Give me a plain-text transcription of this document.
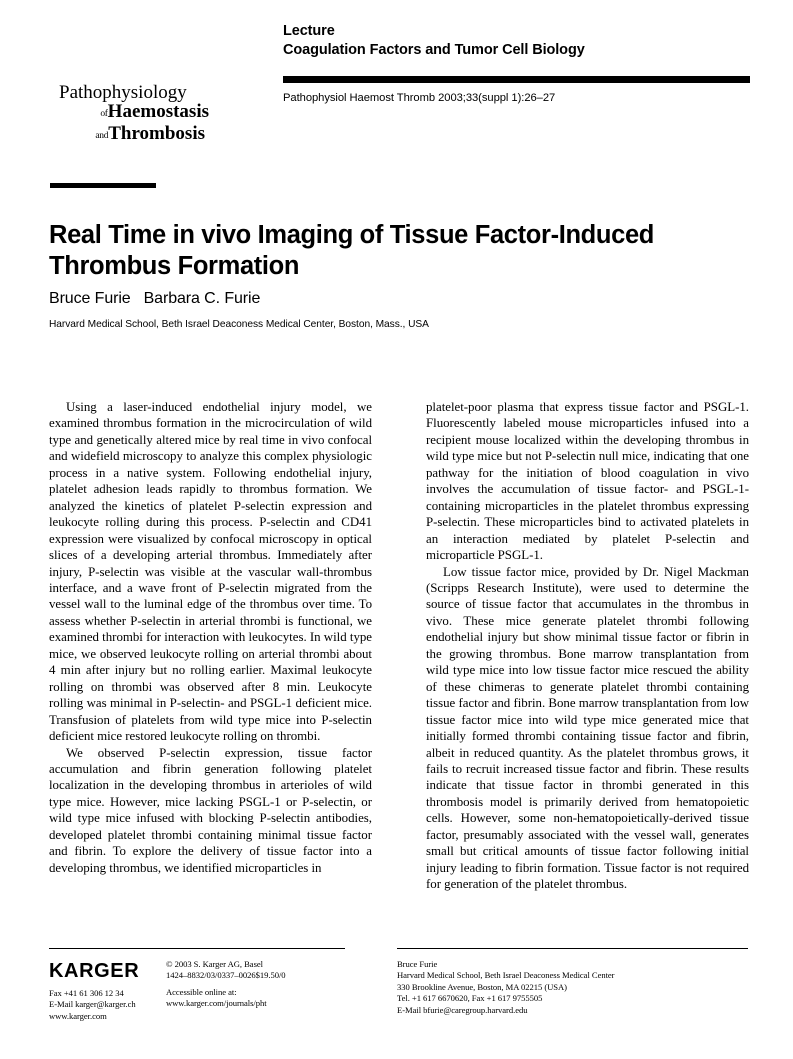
Lecture
Coagulation Factors and Tumor Cell Biology
Pathophysiol Haemost Thromb 2003;33(suppl 1):26–27
Pathophysiology
ofHaemostasis
andThrombosis
Real Time in vivo Imaging of Tissue Factor-Induced Thrombus Formation
Bruce Furie Barbara C. Furie
Harvard Medical School, Beth Israel Deaconess Medical Center, Boston, Mass., USA

Using a laser-induced endothelial injury model, we examined thrombus formation in the microcirculation of wild type and genetically altered mice by real time in vivo confocal and widefield microscopy to analyze this complex physiologic process in a native system. Following endothelial injury, platelet adhesion leads rapidly to thrombus formation. We analyzed the kinetics of platelet P-selectin expression and leukocyte rolling during this process. P-selectin and CD41 expression were visualized by confocal microscopy in optical slices of a developing arterial thrombus. Immediately after injury, P-selectin was visible at the vascular wall-thrombus interface, and a wave front of P-selectin migrated from the vessel wall to the luminal edge of the thrombus over time. To assess whether P-selectin in arterial thrombi is functional, we examined thrombi for interaction with leukocytes. In wild type mice, we observed leukocyte rolling on arterial thrombi about 4 min after injury but no rolling earlier. Maximal leukocyte rolling on thrombi was observed after 8 min. Leukocyte rolling was minimal in P-selectin- and PSGL-1 deficient mice. Transfusion of platelets from wild type mice into P-selectin deficient mice restored leukocyte rolling on thrombi.

We observed P-selectin expression, tissue factor accumulation and fibrin generation following platelet localization in the developing thrombus in arterioles of wild type mice. However, mice lacking PSGL-1 or P-selectin, or wild type mice infused with blocking P-selectin antibodies, developed platelet thrombi containing minimal tissue factor and fibrin. To explore the delivery of tissue factor into a developing thrombus, we identified microparticles in

platelet-poor plasma that express tissue factor and PSGL-1. Fluorescently labeled mouse microparticles infused into a recipient mouse localized within the developing thrombus in wild type mice but not P-selectin null mice, indicating that one pathway for the initiation of blood coagulation in vivo involves the accumulation of tissue factor- and PSGL-1-containing microparticles in the platelet thrombus expressing P-selectin. These microparticles bind to activated platelets in an interaction mediated by platelet P-selectin and microparticle PSGL-1.

Low tissue factor mice, provided by Dr. Nigel Mackman (Scripps Research Institute), were used to determine the source of tissue factor that accumulates in the thrombus in vivo. These mice generate platelet thrombi following endothelial injury but show minimal tissue factor or fibrin in the growing thrombus. Bone marrow transplantation from wild type mice into low tissue factor mice rescued the ability of these chimeras to generate platelet thrombi containing tissue factor and fibrin. Bone marrow transplantation from low tissue factor mice into wild type mice generated mice that initially formed thrombi containing tissue factor and fibrin, albeit in reduced quantity. As the platelet thrombus grows, it fails to recruit increased tissue factor and fibrin. These results indicate that tissue factor in thrombi generated in this thrombosis model is primarily derived from hematopoietic cells. However, some non-hematopoietically-derived tissue factor, presumably associated with the vessel wall, generates small but critical amounts of tissue factor following initial injury leading to fibrin formation. Tissue factor is not required for generation of the platelet thrombus.

KARGER
Fax +41 61 306 12 34
E-Mail karger@karger.ch
www.karger.com
© 2003 S. Karger AG, Basel
1424–8832/03/0337–0026$19.50/0
Accessible online at:
www.karger.com/journals/pht
Bruce Furie
Harvard Medical School, Beth Israel Deaconess Medical Center
330 Brookline Avenue, Boston, MA 02215 (USA)
Tel. +1 617 6670620, Fax +1 617 9755505
E-Mail bfurie@caregroup.harvard.edu
